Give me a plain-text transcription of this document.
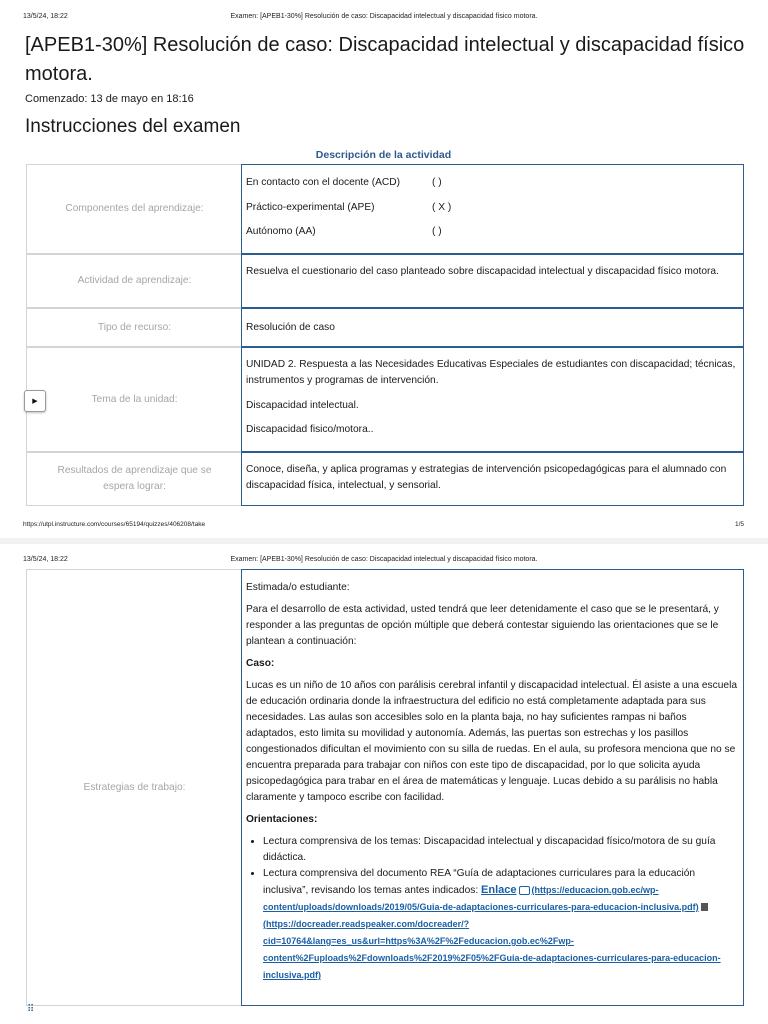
13/5/24, 18:22	Examen: [APEB1-30%] Resolución de caso: Discapacidad intelectual y discapacidad físico motora.
[APEB1-30%] Resolución de caso: Discapacidad intelectual y discapacidad físico motora.
Comenzado: 13 de mayo en 18:16
Instrucciones del examen
Descripción de la actividad
Componentes del aprendizaje:
En contacto con el docente (ACD)	( )
Práctico-experimental (APE)	( X )
Autónomo (AA)	( )
Actividad de aprendizaje:

Resuelva el cuestionario del caso planteado sobre discapacidad intelectual y discapacidad físico motora.

Tipo de recurso:	Resolución de caso

Tema de la unidad:

UNIDAD 2. Respuesta a las Necesidades Educativas Especiales de estudiantes con discapacidad; técnicas, instrumentos y programas de intervención.

Discapacidad intelectual.

Discapacidad fisico/motora..

▶
Resultados de aprendizaje que se espera lograr:

Conoce, diseña, y aplica programas y estrategias de intervención psicopedagógicas para el alumnado con discapacidad física, intelectual, y sensorial.

https://utpl.instructure.com/courses/65194/quizzes/406208/take	1/5
13/5/24, 18:22	Examen: [APEB1-30%] Resolución de caso: Discapacidad intelectual y discapacidad físico motora.
Estrategias de trabajo:

Estimada/o estudiante:

Para el desarrollo de esta actividad, usted tendrá que leer detenidamente el caso que se le presentará, y responder a las preguntas de opción múltiple que deberá contestar siguiendo las orientaciones que se le plantean a continuación:

Caso:

Lucas es un niño de 10 años con parálisis cerebral infantil y discapacidad intelectual. Él asiste a una escuela de educación ordinaria donde la infraestructura del edificio no está completamente adaptada para sus necesidades. Las aulas son accesibles solo en la planta baja, no hay suficientes rampas ni baños adaptados, esto limita su movilidad y autonomía. Además, las puertas son estrechas y los pasillos congestionados dificultan el movimiento con su silla de ruedas. En el aula, su profesora menciona que no se encuentra preparada para trabajar con niños con este tipo de discapacidad, por lo que solicita ayuda psicopedagógica para trabar en el área de matemáticas y lenguaje. Lucas debido a su parálisis no habla claramente y tampoco escribe con facilidad.

Orientaciones:

• Lectura comprensiva de los temas: Discapacidad intelectual y discapacidad físico/motora de su guía didáctica.
• Lectura comprensiva del documento REA “Guía de adaptaciones curriculares para la educación inclusiva”, revisando los temas antes indicados: Enlace (https://educacion.gob.ec/wp-content/uploads/downloads/2019/05/Guia-de-adaptaciones-curriculares-para-educacion-inclusiva.pdf) (https://docreader.readspeaker.com/docreader/?cid=10764&lang=es_us&url=https%3A%2F%2Feducacion.gob.ec%2Fwp-content%2Fuploads%2Fdownloads%2F2019%2F05%2FGuia-de-adaptaciones-curriculares-para-educacion-inclusiva.pdf)
⠿
